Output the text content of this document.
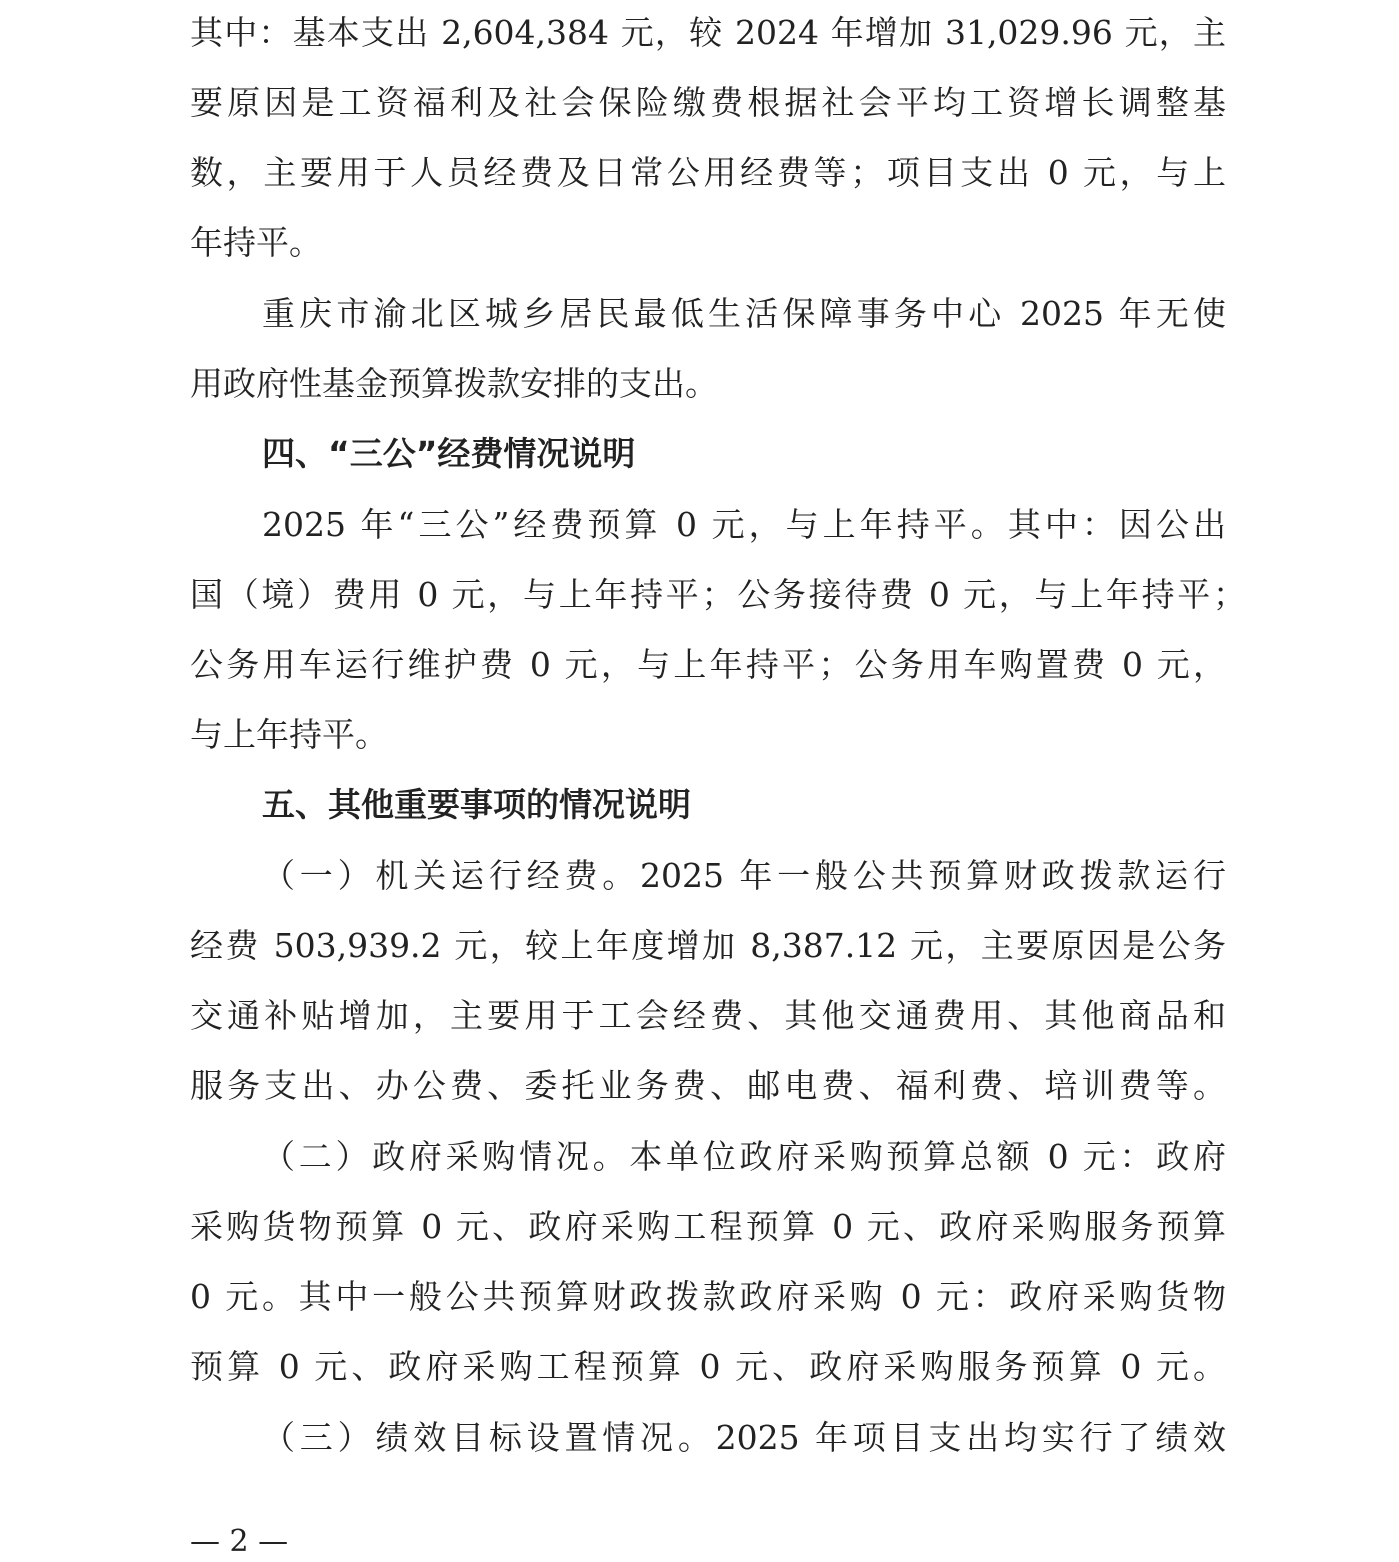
其中：基本支出 2,604,384 元，较 2024 年增加 31,029.96 元，主
要原因是工资福利及社会保险缴费根据社会平均工资增长调整基
数，主要用于人员经费及日常公用经费等；项目支出 0 元，与上
年持平。
重庆市渝北区城乡居民最低生活保障事务中心 2025 年无使
用政府性基金预算拨款安排的支出。
四、“三公”经费情况说明
2025 年“三公”经费预算 0 元，与上年持平。其中：因公出
国（境）费用 0 元，与上年持平；公务接待费 0 元，与上年持平；
公务用车运行维护费 0 元，与上年持平；公务用车购置费 0 元，
与上年持平。
五、其他重要事项的情况说明
（一）机关运行经费。2025 年一般公共预算财政拨款运行
经费 503,939.2 元，较上年度增加 8,387.12 元，主要原因是公务
交通补贴增加，主要用于工会经费、其他交通费用、其他商品和
服务支出、办公费、委托业务费、邮电费、福利费、培训费等。
（二）政府采购情况。本单位政府采购预算总额 0 元：政府
采购货物预算 0 元、政府采购工程预算 0 元、政府采购服务预算
0 元。其中一般公共预算财政拨款政府采购 0 元：政府采购货物
预算 0 元、政府采购工程预算 0 元、政府采购服务预算 0 元。
（三）绩效目标设置情况。2025 年项目支出均实行了绩效
— 2 —
